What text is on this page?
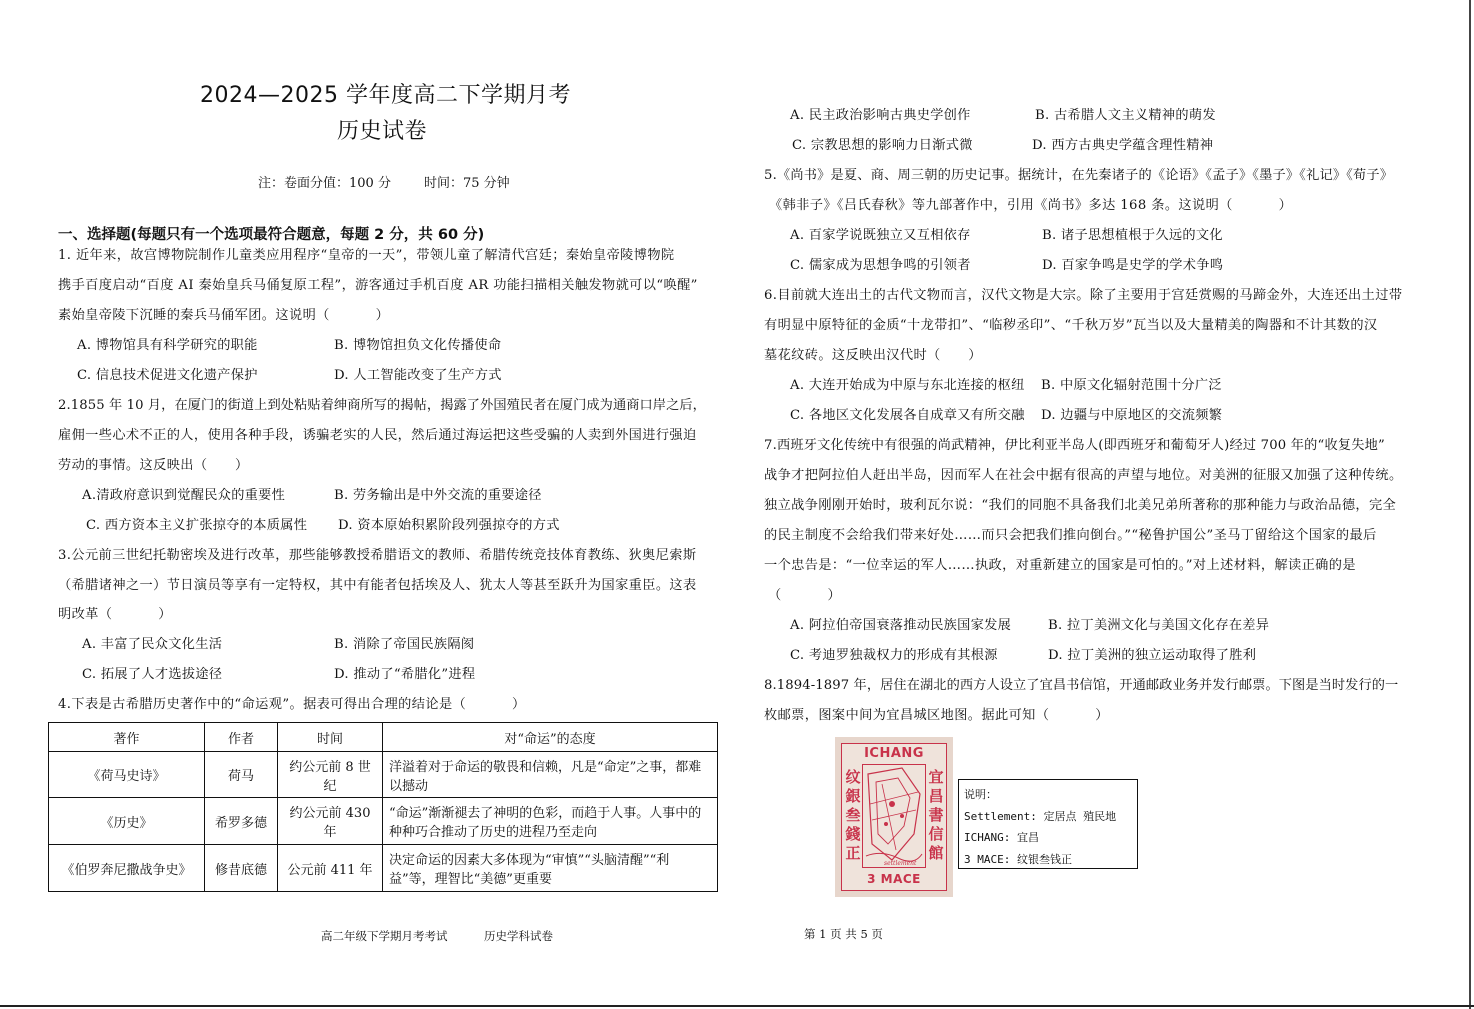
2024—2025 学年度高二下学期月考
历史试卷
注：卷面分值：100 分        时间：75 分钟
一、选择题(每题只有一个选项最符合题意，每题 2 分，共 60 分)
1. 近年来，故宫博物院制作儿童类应用程序“皇帝的一天”，带领儿童了解清代宫廷；秦始皇帝陵博物院
携手百度启动“百度 AI 秦始皇兵马俑复原工程”，游客通过手机百度 AR 功能扫描相关触发物就可以“唤醒”
素始皇帝陵下沉睡的秦兵马俑军团。这说明（          ）
A. 博物馆具有科学研究的职能	B. 博物馆担负文化传播使命
C. 信息技术促进文化遗产保护	D. 人工智能改变了生产方式
2.1855 年 10 月，在厦门的街道上到处粘贴着绅商所写的揭帖，揭露了外国殖民者在厦门成为通商口岸之后，
雇佣一些心术不正的人，使用各种手段，诱骗老实的人民，然后通过海运把这些受骗的人卖到外国进行强迫
劳动的事情。这反映出（      ）
A.清政府意识到觉醒民众的重要性	B. 劳务输出是中外交流的重要途径
C. 西方资本主义扩张掠夺的本质属性 D. 资本原始积累阶段列强掠夺的方式
3.公元前三世纪托勒密埃及进行改革，那些能够教授希腊语文的教师、希腊传统竞技体育教练、狄奥尼索斯
（希腊诸神之一）节日演员等享有一定特权，其中有能者包括埃及人、犹太人等甚至跃升为国家重臣。这表
明改革（          ）
A. 丰富了民众文化生活	B. 消除了帝国民族隔阂
C. 拓展了人才选拔途径	D. 推动了“希腊化”进程
4.下表是古希腊历史著作中的“命运观”。据表可得出合理的结论是（          ）
著作	作者	时间	对“命运”的态度
《荷马史诗》	荷马	约公元前 8 世纪	洋溢着对于命运的敬畏和信赖，凡是“命定”之事，都难以撼动
《历史》	希罗多德	约公元前 430 年	“命运”渐渐褪去了神明的色彩，而趋于人事。人事中的种种巧合推动了历史的进程乃至走向
《伯罗奔尼撒战争史》	修昔底德	公元前 411 年	决定命运的因素大多体现为“审慎”“头脑清醒”“利益”等，理智比“美德”更重要
高二年级下学期月考考试          历史学科试卷	第 1 页 共 5 页
A. 民主政治影响古典史学创作	B. 古希腊人文主义精神的萌发
C. 宗教思想的影响力日渐式微	D. 西方古典史学蕴含理性精神
5.《尚书》是夏、商、周三朝的历史记事。据统计，在先秦诸子的《论语》《孟子》《墨子》《礼记》《荀子》
《韩非子》《吕氏春秋》等九部著作中，引用《尚书》多达 168 条。这说明（          ）
A. 百家学说既独立又互相依存	B. 诸子思想植根于久远的文化
C. 儒家成为思想争鸣的引领者	D. 百家争鸣是史学的学术争鸣
6.目前就大连出土的古代文物而言，汉代文物是大宗。除了主要用于宫廷赏赐的马蹄金外，大连还出土过带
有明显中原特征的金质“十龙带扣”、“临秽丞印”、“千秋万岁”瓦当以及大量精美的陶器和不计其数的汉
墓花纹砖。这反映出汉代时（      ）
A. 大连开始成为中原与东北连接的枢纽 B. 中原文化辐射范围十分广泛
C. 各地区文化发展各自成章又有所交融 D. 边疆与中原地区的交流频繁
7.西班牙文化传统中有很强的尚武精神，伊比利亚半岛人(即西班牙和葡萄牙人)经过 700 年的“收复失地”
战争才把阿拉伯人赶出半岛，因而军人在社会中据有很高的声望与地位。对美洲的征服又加强了这种传统。
独立战争刚刚开始时，玻利瓦尔说：“我们的同胞不具备我们北美兄弟所著称的那种能力与政治品德，完全
的民主制度不会给我们带来好处……而只会把我们推向倒台。”“秘鲁护国公”圣马丁留给这个国家的最后
一个忠告是：“一位幸运的军人……执政，对重新建立的国家是可怕的。”对上述材料，解读正确的是
（          ）
A. 阿拉伯帝国衰落推动民族国家发展	B. 拉丁美洲文化与美国文化存在差异
C. 考迪罗独裁权力的形成有其根源	D. 拉丁美洲的独立运动取得了胜利
8.1894-1897 年，居住在湖北的西方人设立了宜昌书信馆，开通邮政业务并发行邮票。下图是当时发行的一
枚邮票，图案中间为宜昌城区地图。据此可知（          ）
ICHANG
纹
銀
叁
錢
正
宜
昌
書
信
館
settlement
3 MACE
说明：
Settlement: 定居点 殖民地
ICHANG: 宜昌
3 MACE: 纹银叁钱正
